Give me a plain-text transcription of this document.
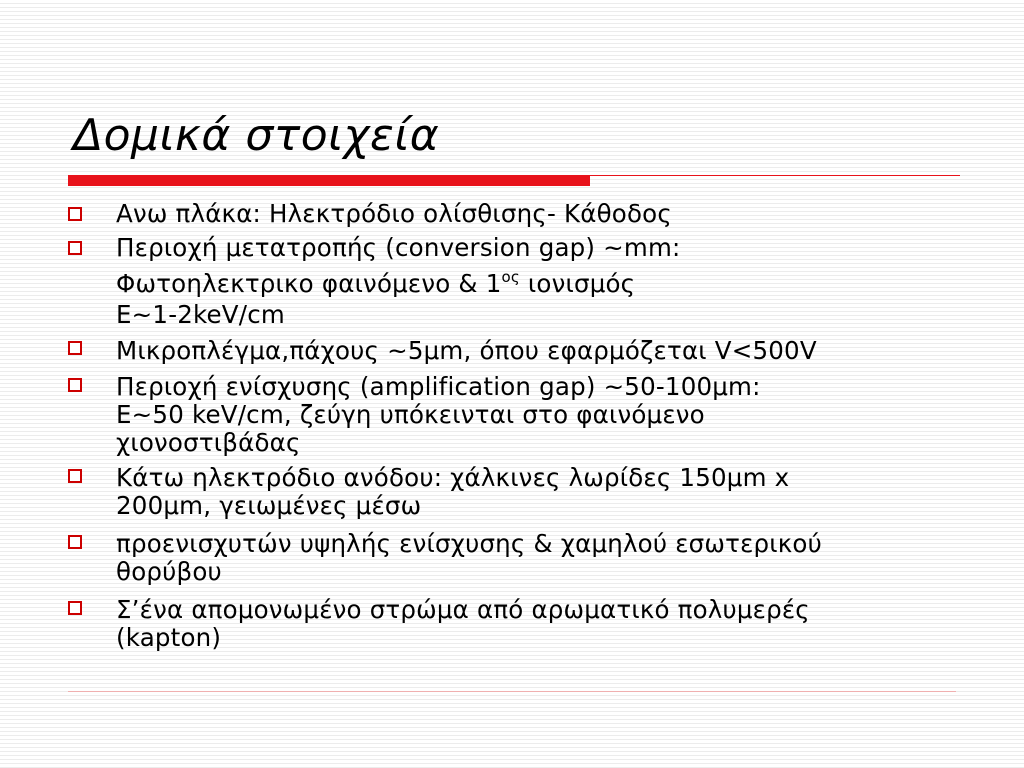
Δομικά στοιχεία
Ανω πλάκα: Ηλεκτρόδιο ολίσθισης- Κάθοδος
Περιοχή μετατροπής (conversion gap) ~mm:
Φωτοηλεκτρικο φαινόμενο & $1^{o\varsigma}$ ιονισμός
E~1-2keV/cm
Μικροπλέγμα,πάχους ~5μm, όπου εφαρμόζεται V<500V
Περιοχή ενίσχυσης (amplification gap) ~50-100μm:
E~50 keV/cm, ζεύγη υπόκεινται στο φαινόμενο
χιονοστιβάδας
Κάτω ηλεκτρόδιο ανόδου: χάλκινες λωρίδες 150μm x
200μm, γειωμένες μέσω
προενισχυτών υψηλής ενίσχυσης & χαμηλού εσωτερικού
θορύβου
Σ’ένα απομονωμένο στρώμα από αρωματικό πολυμερές
(kapton)
